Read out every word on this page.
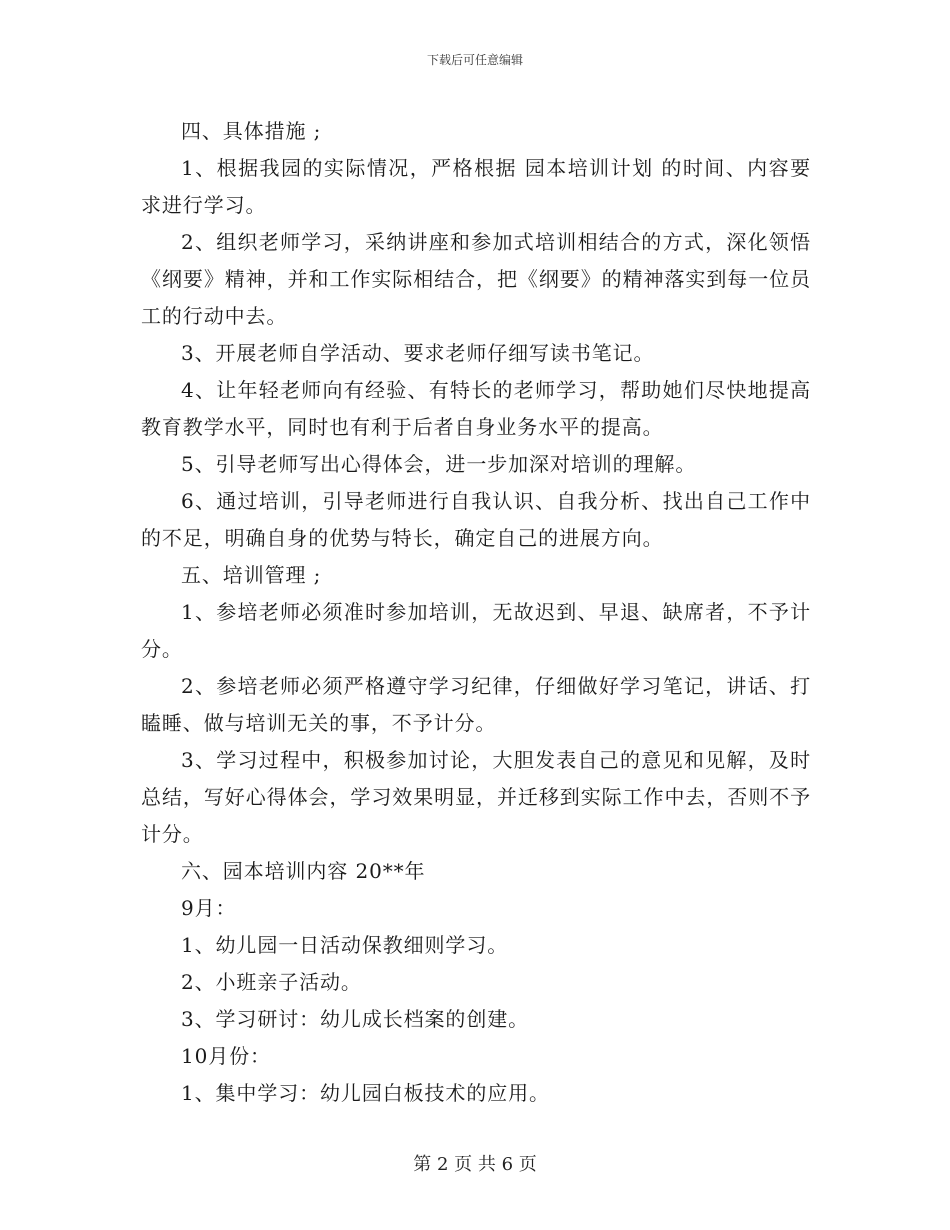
下载后可任意编辑

四、具体措施 ;

1、根据我园的实际情况，严格根据 园本培训计划 的时间、内容要求进行学习。

2、组织老师学习，采纳讲座和参加式培训相结合的方式，深化领悟《纲要》精神，并和工作实际相结合，把《纲要》的精神落实到每一位员工的行动中去。

3、开展老师自学活动、要求老师仔细写读书笔记。

4、让年轻老师向有经验、有特长的老师学习，帮助她们尽快地提高教育教学水平，同时也有利于后者自身业务水平的提高。

5、引导老师写出心得体会，进一步加深对培训的理解。

6、通过培训，引导老师进行自我认识、自我分析、找出自己工作中的不足，明确自身的优势与特长，确定自己的进展方向。

五、培训管理 ;

1、参培老师必须准时参加培训，无故迟到、早退、缺席者，不予计分。

2、参培老师必须严格遵守学习纪律，仔细做好学习笔记，讲话、打瞌睡、做与培训无关的事，不予计分。

3、学习过程中，积极参加讨论，大胆发表自己的意见和见解，及时总结，写好心得体会，学习效果明显，并迁移到实际工作中去，否则不予计分。

六、园本培训内容 20**年

9月：

1、幼儿园一日活动保教细则学习。

2、小班亲子活动。

3、学习研讨：幼儿成长档案的创建。

10月份：

1、集中学习：幼儿园白板技术的应用。

第 2 页 共 6 页
